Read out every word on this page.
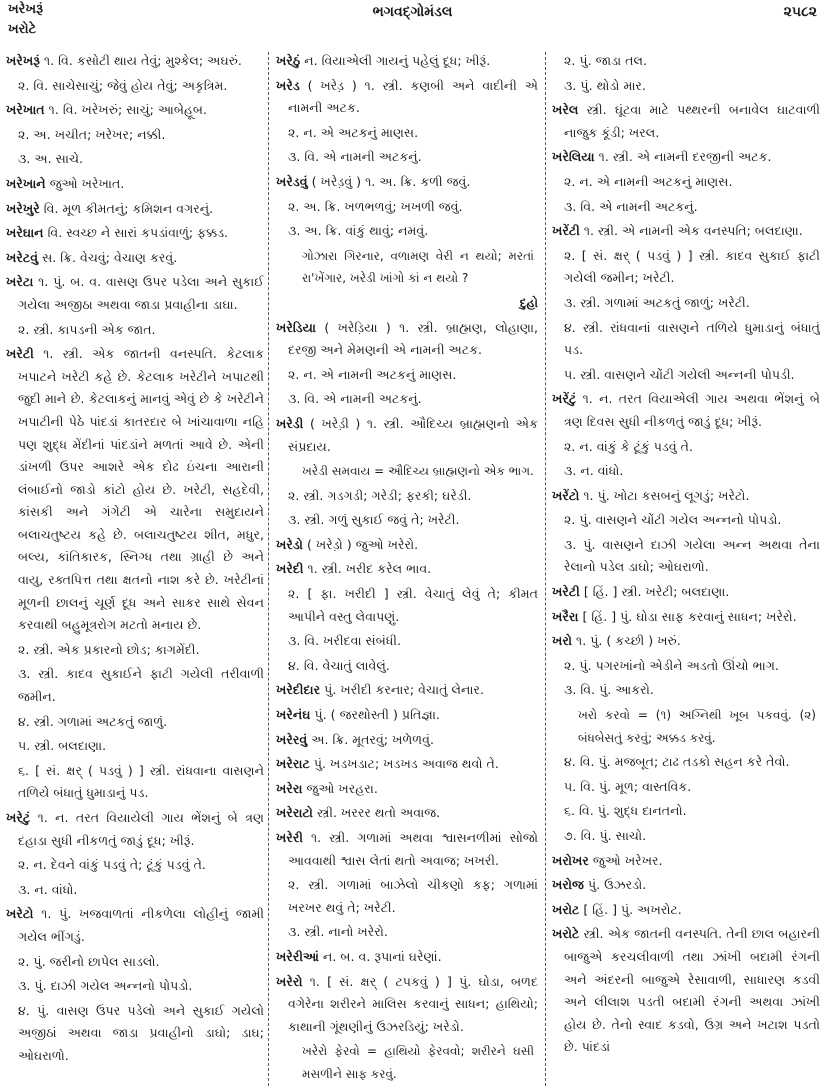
ખરેખરૂં
ખરોટે
ભગવદ્ગોમંડલ	૨૫૮૨

ખરેખરૂં ૧. વિ. કસોટી થાય તેવું; મુશ્કેલ; અઘરું.

૨. વિ. સાચેસાચું; જેવું હોય તેવું; અકૃત્રિમ.

ખરેખાત ૧. વિ. ખરેખરું; સાચું; આબેહૂબ.

૨. અ. ખચીત; ખરેખર; નક્કી.

૩. અ. સાચે.

ખરેખાને જુઓ ખરેખાત.

ખરેખુરે વિ. મૂળ કીમતનું; કમિશન વગરનું.

ખરેઘાન વિ. સ્વચ્છ ને સારાં કપડાંવાળું; ફક્કડ.

ખરેટવું સ. ક્રિ. વેચવું; વેચાણ કરવું.

ખરેટા ૧. પું. બ. વ. વાસણ ઉપર પડેલા અને સુકાઈ ગયેલા અજીઠા અથવા જાડા પ્રવાહીના ડાઘા.

૨. સ્ત્રી. કાપડની એક જાત.

ખરેટી ૧. સ્ત્રી. એક જાતની વનસ્પતિ. કેટલાક ખપાટને ખરેટી કહે છે. કેટલાક ખરેટીને ખપાટથી જુદી માને છે. કેટલાકનું માનવું એવું છે કે ખરેટીને ખપાટીની પેઠે પાંદડાં કાતરદાર બે ખાંચાવાળા નહિ પણ શુદ્ધ મેંદીનાં પાંદડાંને મળતાં આવે છે. એની ડાંખળી ઉપર આશરે એક દોઢ ઇંચના આરાની લંબાઈનો જાડો કાંટો હોય છે. ખરેટી, સહદેવી, કાંસકી અને ગંગેટી એ ચારેના સમુદાયને બલાચતુષ્ટય કહે છે. બલાચતુષ્ટય શીત, મધુર, બલ્ય, કાંતિકારક, સ્નિગ્ધ તથા ગ્રાહી છે અને વાયુ, રક્તપિત્ત તથા ક્ષતનો નાશ કરે છે. ખરેટીનાં મૂળની છાલનું ચૂર્ણ દૂધ અને સાકર સાથે સેવન કરવાથી બહુમૂત્રરોગ મટતો મનાય છે.

૨. સ્ત્રી. એક પ્રકારનો છોડ; કાગમેંદી.

૩. સ્ત્રી. કાદવ સુકાઈને ફાટી ગયેલી તરીવાળી જમીન.

૪. સ્ત્રી. ગળામાં અટકતું જાળું.

૫. સ્ત્રી. બલદાણા.

૬. [ સં. ક્ષર્ ( પડવું ) ] સ્ત્રી. રાંધવાના વાસણને તળિયે બંધાતું ધુમાડાનું પડ.

ખરેટું ૧. ન. તરત વિયાયેલી ગાય ભેંશનું બે ત્રણ દહાડા સુધી નીકળતું જાડું દૂધ; ખીરૂં.

૨. ન. દેવને વાંકું પડવું તે; ટૂંકું પડવું તે.

૩. ન. વાંધો.

ખરેટો ૧. પું. ખજવાળતાં નીકળેલા લોહીનું જામી ગયેલ ભીંગડું.

૨. પું. જરીનો છાપેલ સાડલો.

૩. પું. દાઝી ગયેલ અન્નનો પોપડો.

૪. પું. વાસણ ઉપર પડેલો અને સુકાઈ ગયેલો અજીઠાં અથવા જાડા પ્રવાહીનો ડાઘો; ડાઘ; ઓઘરાળો.

ખરેઠું ન. વિયાએલી ગાયનું પહેલું દૂધ; ખીરૂં.

ખરેડ ( ખરેડ઼ ) ૧. સ્ત્રી. કણબી અને વાદીની એ નામની અટક.

૨. ન. એ અટકનું માણસ.

૩. વિ. એ નામની અટકનું.

ખરેડવું ( ખરેડ઼વું ) ૧. અ. ક્રિ. કળી જવું.

૨. અ. ક્રિ. ખળભળવું; ખખળી જવું.

૩. અ. ક્રિ. વાંકું થાવું; નમવું.

ગોઝારા ગિરનાર, વળામણ વેરી ન થયો; મરતાં રા'ખેંગાર, ખરેડી ખાંગો કાં ન થયો ?

દુહો

ખરેડિયા ( ખરેડ઼િયા ) ૧. સ્ત્રી. બ્રાહ્મણ, લોહાણા, દરજી અને મેમણની એ નામની અટક.

૨. ન. એ નામની અટકનું માણસ.

૩. વિ. એ નામની અટકનું.

ખરેડી ( ખરેડ઼ી ) ૧. સ્ત્રી. ઔદિચ્ય બ્રાહ્મણનો એક સંપ્રદાય.

ખરેડી સમવાય = ઔદિચ્ય બ્રાહ્મણનો એક ભાગ.

૨. સ્ત્રી. ગડગડી; ગરેડી; ફરકી; ઘરેડી.

૩. સ્ત્રી. ગળું સુકાઈ જવું તે; ખરેટી.

ખરેડો ( ખરેડ઼ો ) જુઓ ખરેરો.

ખરેદી ૧. સ્ત્રી. ખરીદ કરેલ ભાવ.

૨. [ ફા. ખરીદી ] સ્ત્રી. વેચાતું લેવું તે; કીમત આપીને વસ્તુ લેવાપણું.

૩. વિ. ખરીદવા સંબંધી.

૪. વિ. વેચાતું લાવેલું.

ખરેદીદાર પું. ખરીદી કરનાર; વેચાતું લેનાર.

ખરેનંઘ પું. ( જરથોસ્તી ) પ્રતિજ્ઞા.

ખરેરવું અ. ક્રિ. મૂતરવું; ખળેળવું.

ખરેરાટ પું. ખડખડાટ; ખડખડ અવાજ થવો તે.

ખરેરા જુઓ ખરહરા.

ખરેરાટો સ્ત્રી. ખરરર થતો અવાજ.

ખરેરી ૧. સ્ત્રી. ગળામાં અથવા શ્વાસનળીમાં સોજો આવવાથી શ્વાસ લેતાં થતો અવાજ; ખખરી.

૨. સ્ત્રી. ગળામાં બાઝેલો ચીકણો કફ; ગળામાં ખરખર થવું તે; ખરેટી.

૩. સ્ત્રી. નાનો ખરેરો.

ખરેરીઆં ન. બ. વ. રૂપાનાં ઘરેણાં.

ખરેરો ૧. [ સં. ક્ષર્ ( ટપકવું ) ] પું. ઘોડા, બળદ વગેરેના શરીરને માલિસ કરવાનું સાધન; હાથિયો; કાથાની ગૂંથણીનું ઉઝરડિયું; ખરેડો.

ખરેરો ફેરવો = હાથિયો ફેરવવો; શરીરને ઘસી મસળીને સાફ કરવું.

૨. પું. જાડા તલ.

૩. પું. થોડો માર.

ખરેલ સ્ત્રી. ઘૂંટવા માટે પથ્થરની બનાવેલ ઘાટવાળી નાજુક કૂંડી; ખરલ.

ખરેલિયા ૧. સ્ત્રી. એ નામની દરજીની અટક.

૨. ન. એ નામની અટકનું માણસ.

૩. વિ. એ નામની અટકનું.

ખરેંટી ૧. સ્ત્રી. એ નામની એક વનસ્પતિ; બલદાણા.

૨. [ સં. ક્ષર્ ( પડવું ) ] સ્ત્રી. કાદવ સુકાઈ ફાટી ગયેલી જમીન; ખરેટી.

૩. સ્ત્રી. ગળામાં અટકતું જાળું; ખરેટી.

૪. સ્ત્રી. રાંધવાનાં વાસણને તળિયે ધુમાડાનું બંધાતું પડ.

૫. સ્ત્રી. વાસણને ચોંટી ગયેલી અન્નની પોપડી.

ખરેંટું ૧. ન. તરત વિયાએલી ગાય અથવા ભેંશનું બે ત્રણ દિવસ સુધી નીકળતું જાડું દૂધ; ખીરૂં.

૨. ન. વાંકું કે ટૂંકું પડવું તે.

૩. ન. વાંધો.

ખરેંટો ૧. પું. ખોટા કસબનું લૂગડું; ખરેટો.

૨. પું. વાસણને ચોંટી ગયેલ અન્નનો પોપડો.

૩. પું. વાસણને દાઝી ગયેલા અન્ન અથવા તેના રેલાનો પડેલ ડાઘો; ઓઘરાળો.

ખરેટી [ હિં. ] સ્ત્રી. ખરેટી; બલદાણા.

ખરૈરા [ હિં. ] પું. ઘોડા સાફ કરવાનું સાધન; ખરેરો.

ખરો ૧. પું. ( કચ્છી ) ખરું.

૨. પું. પગરખાંનો એડીને અડતો ઊંચો ભાગ.

૩. વિ. પું. આકરો.

ખરો કરવો = (૧) અગ્નિથી ખૂબ પકવવું. (૨) બંધબેસતું કરવું; અક્કડ કરવું.

૪. વિ. પું. મજબૂત; ટાઢ તડકો સહન કરે તેવો.

૫. વિ. પું. મૂળ; વાસ્તવિક.

૬. વિ. પું. શુદ્ધ દાનતનો.

૭. વિ. પું. સાચો.

ખરોખર જુઓ ખરેખર.

ખરોજ પું. ઉઝરડો.

ખરોટ [ હિં. ] પું. અખરોટ.

ખરોટે સ્ત્રી. એક જાતની વનસ્પતિ. તેની છાલ બહારની બાજુએ કરચલીવાળી તથા ઝાંખી બદામી રંગની અને અંદરની બાજુએ રેસાવાળી, સાધારણ કડવી અને લીલાશ પડતી બદામી રંગની અથવા ઝાંખી હોય છે. તેનો સ્વાદ કડવો, ઉગ્ર અને ખટાશ પડતો છે. પાંદડાં
